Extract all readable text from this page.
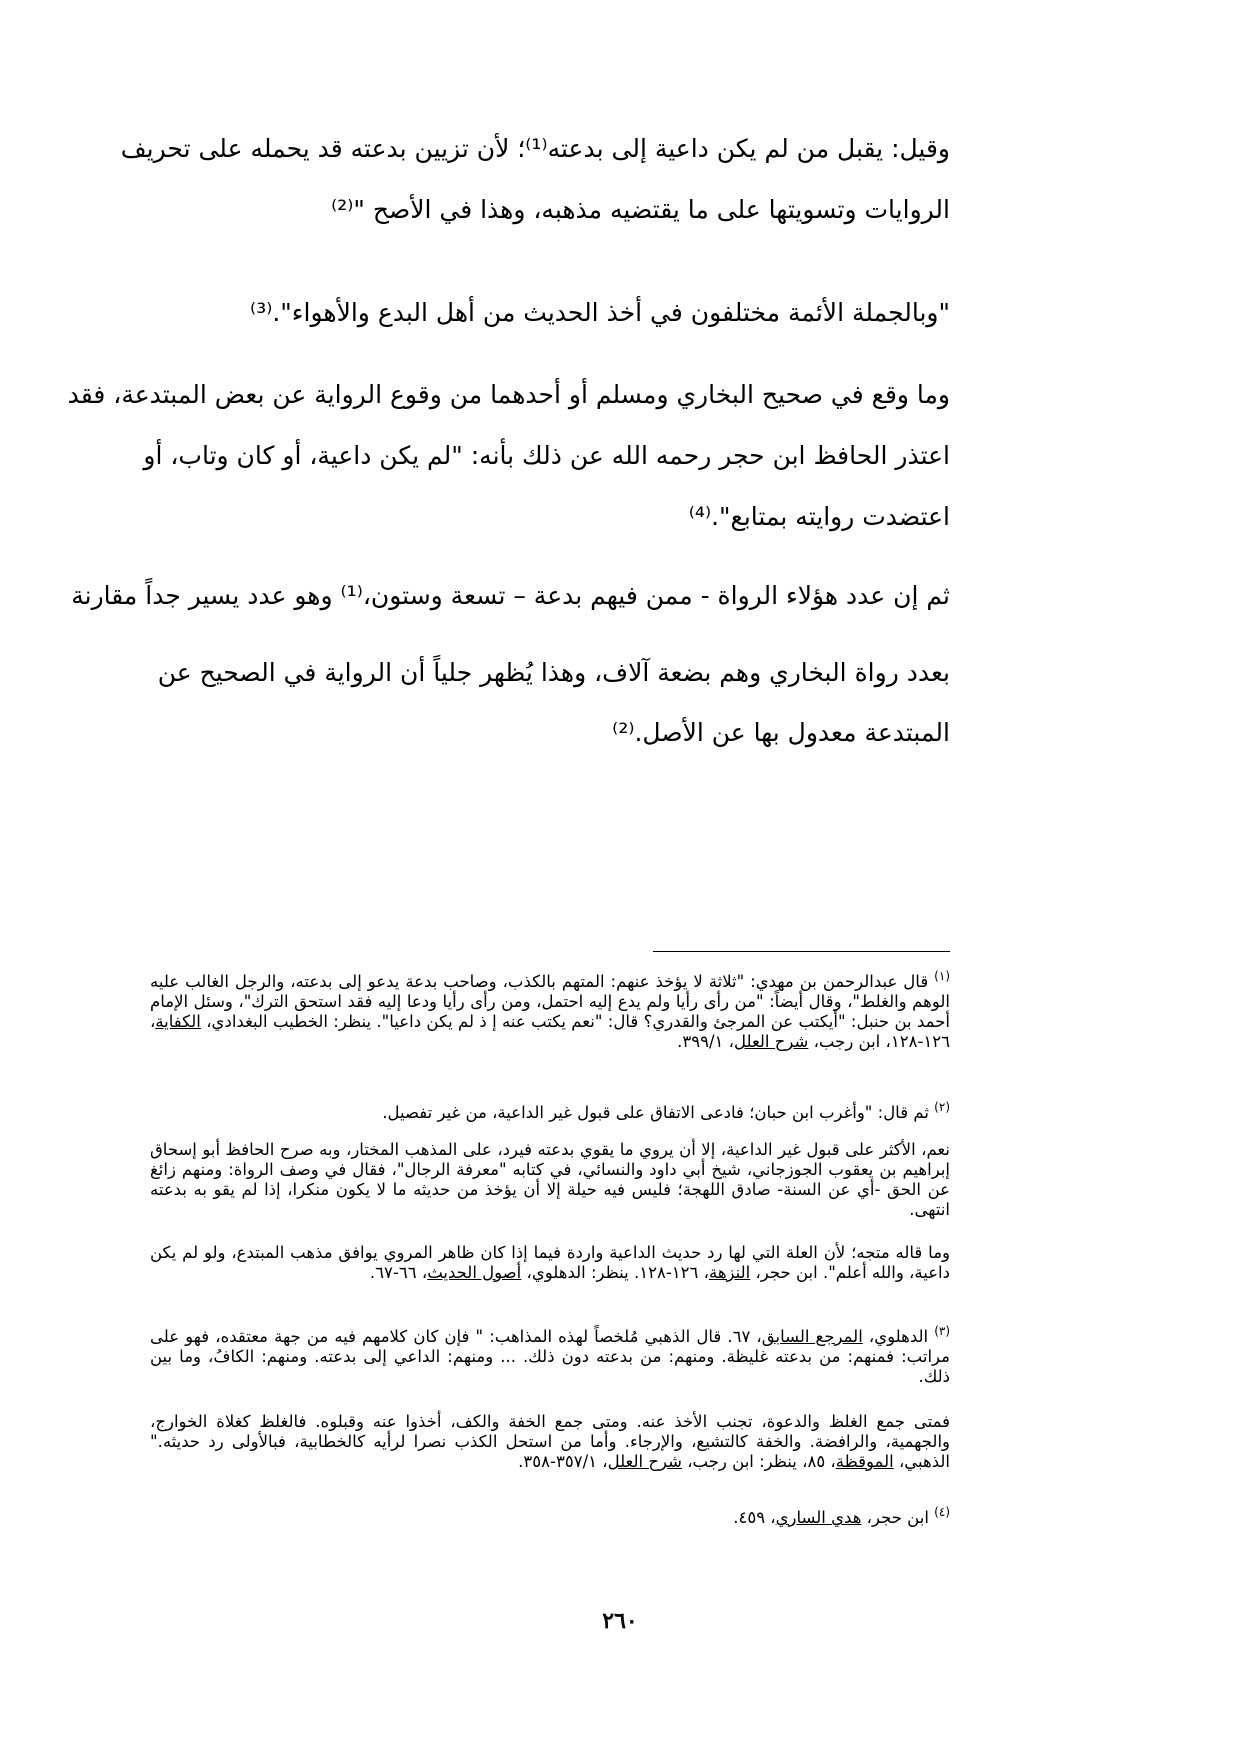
وقيل: يقبل من لم يكن داعية إلى بدعته⁽¹⁾؛ لأن تزيين بدعته قد يحمله على تحريف

الروايات وتسويتها على ما يقتضيه مذهبه، وهذا في الأصح "⁽²⁾

"وبالجملة الأئمة مختلفون في أخذ الحديث من أهل البدع والأهواء".⁽³⁾

وما وقع في صحيح البخاري ومسلم أو أحدهما من وقوع الرواية عن بعض المبتدعة، فقد

اعتذر الحافظ ابن حجر رحمه الله عن ذلك بأنه: "لم يكن داعية، أو كان وتاب، أو

اعتضدت روايته بمتابع".⁽⁴⁾

ثم إن عدد هؤلاء الرواة - ممن فيهم بدعة – تسعة وستون،⁽¹⁾ وهو عدد يسير جداً مقارنة

بعدد رواة البخاري وهم بضعة آلاف، وهذا يُظهر جلياً أن الرواية في الصحيح عن

المبتدعة معدول بها عن الأصل.⁽²⁾

$^{(١)}$ قال عبدالرحمن بن مهدي: "ثلاثة لا يؤخذ عنهم: المتهم بالكذب، وصاحب بدعة يدعو إلى بدعته، والرجل الغالب عليه الوهم والغلط"، وقال أيضاً: "من رأى رأيا ولم يدع إليه احتمل، ومن رأى رأيا ودعا إليه فقد استحق الترك"، وسئل الإمام أحمد بن حنبل: "أيكتب عن المرجئ والقدري؟ قال: "نعم يكتب عنه إ ذ لم يكن داعيا". ينظر: الخطيب البغدادي، الكفاية، ١٢٦-١٢٨، ابن رجب، شرح العلل، ٣٩٩/١.
$^{(٢)}$ ثم قال: "وأغرب ابن حبان؛ فادعى الاتفاق على قبول غير الداعية، من غير تفصيل.
نعم، الأكثر على قبول غير الداعية، إلا أن يروي ما يقوي بدعته فيرد، على المذهب المختار، وبه صرح الحافظ أبو إسحاق إبراهيم بن يعقوب الجوزجاني، شيخ أبي داود والنسائي، في كتابه "معرفة الرجال"، فقال في وصف الرواة: ومنهم زائغ عن الحق -أي عن السنة- صادق اللهجة؛ فليس فيه حيلة إلا أن يؤخذ من حديثه ما لا يكون منكرا، إذا لم يقو به بدعته انتهى.
وما قاله متجه؛ لأن العلة التي لها رد حديث الداعية واردة فيما إذا كان ظاهر المروي يوافق مذهب المبتدع، ولو لم يكن داعية، والله أعلم". ابن حجر، النزهة، ١٢٦-١٢٨. ينظر: الدهلوي، أصول الحديث، ٦٦-٦٧.
$^{(٣)}$ الدهلوي، المرجع السابق، ٦٧. قال الذهبي مُلخصاً لهذه المذاهب: " فإن كان كلامهم فيه من جهة معتقده، فهو على مراتب: فمنهم: من بدعته غليظة. ومنهم: من بدعته دون ذلك. ... ومنهم: الداعي إلى بدعته. ومنهم: الكافُ، وما بين ذلك.
فمتى جمع الغلظ والدعوة، تجنب الأخذ عنه. ومتى جمع الخفة والكف، أخذوا عنه وقبلوه. فالغلظ كغلاة الخوارج، والجهمية، والرافضة. والخفة كالتشيع، والإرجاء. وأما من استحل الكذب نصرا لرأيه كالخطابية، فبالأولى رد حديثه." الذهبي، الموقظة، ٨٥، ينظر: ابن رجب، شرح العلل، ٣٥٧/١-٣٥٨.
$^{(٤)}$ ابن حجر، هدي الساري، ٤٥٩.
٢٦٠
